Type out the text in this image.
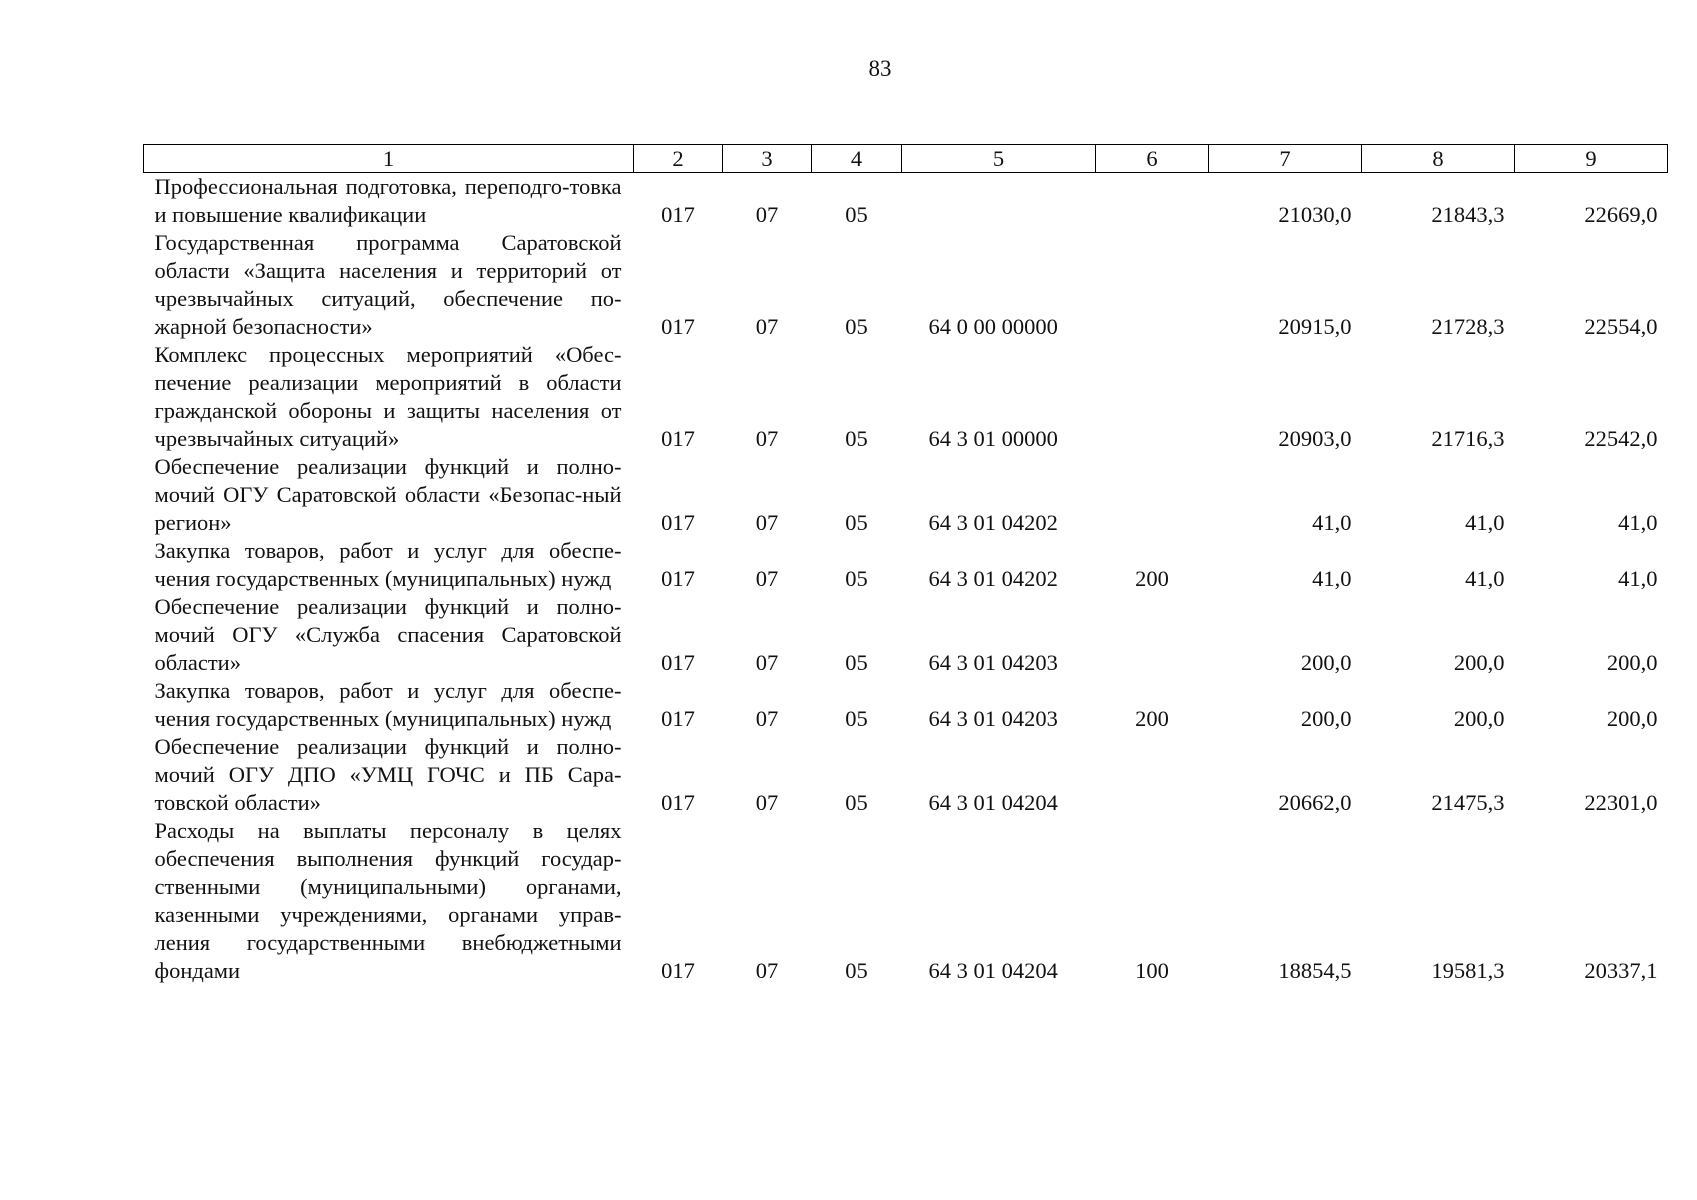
83
1	2	3	4	5	6	7	8	9
Профессиональная подготовка, переподго-товка и повышение квалификации	017	07	05			21030,0	21843,3	22669,0
Государственная программа Саратовской области «Защита населения и территорий от чрезвычайных ситуаций, обеспечение по-жарной безопасности»	017	07	05	64 0 00 00000		20915,0	21728,3	22554,0
Комплекс процессных мероприятий «Обес-печение реализации мероприятий в области гражданской обороны и защиты населения от чрезвычайных ситуаций»	017	07	05	64 3 01 00000		20903,0	21716,3	22542,0
Обеспечение реализации функций и полно-мочий ОГУ Саратовской области «Безопас-ный регион»	017	07	05	64 3 01 04202		41,0	41,0	41,0
Закупка товаров, работ и услуг для обеспе-чения государственных (муниципальных) нужд	017	07	05	64 3 01 04202	200	41,0	41,0	41,0
Обеспечение реализации функций и полно-мочий ОГУ «Служба спасения Саратовской области»	017	07	05	64 3 01 04203		200,0	200,0	200,0
Закупка товаров, работ и услуг для обеспе-чения государственных (муниципальных) нужд	017	07	05	64 3 01 04203	200	200,0	200,0	200,0
Обеспечение реализации функций и полно-мочий ОГУ ДПО «УМЦ ГОЧС и ПБ Сара-товской области»	017	07	05	64 3 01 04204		20662,0	21475,3	22301,0
Расходы на выплаты персоналу в целях обеспечения выполнения функций государ-ственными (муниципальными) органами, казенными учреждениями, органами управ-ления государственными внебюджетными фондами	017	07	05	64 3 01 04204	100	18854,5	19581,3	20337,1
